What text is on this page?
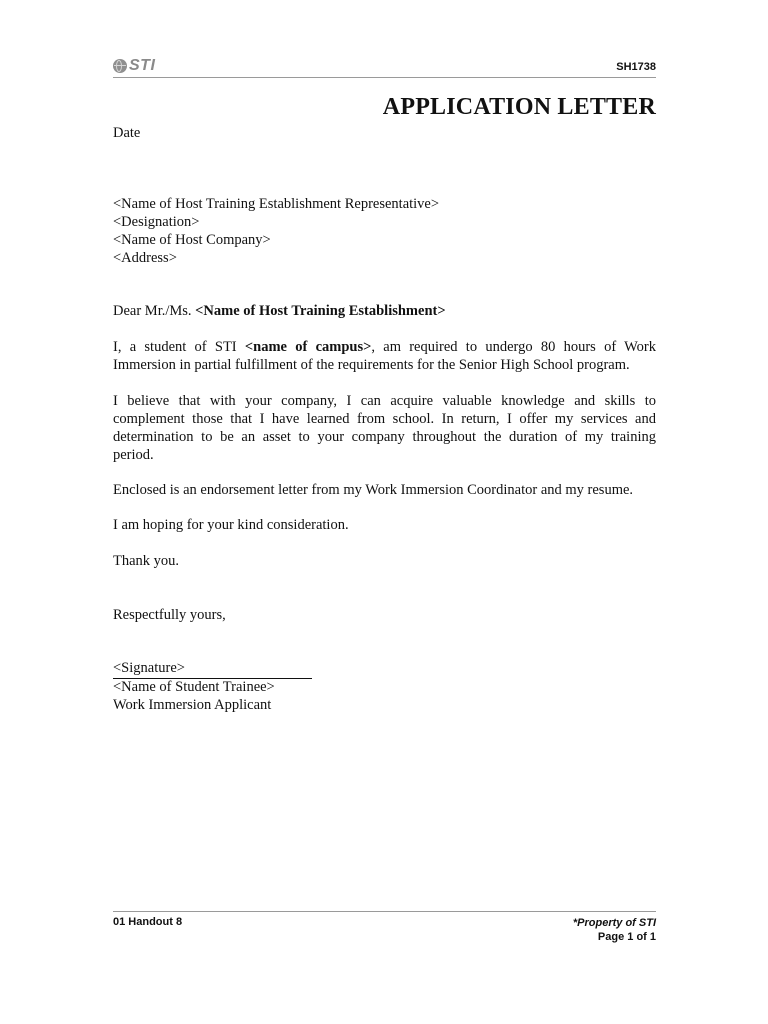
STI	SH1738
APPLICATION LETTER
Date
<Name of Host Training Establishment Representative>
<Designation>
<Name of Host Company>
<Address>
Dear Mr./Ms. <Name of Host Training Establishment>
I, a student of STI <name of campus>, am required to undergo 80 hours of Work
Immersion in partial fulfillment of the requirements for the Senior High School program.
I believe that with your company, I can acquire valuable knowledge and skills to
complement those that I have learned from school. In return, I offer my services and
determination to be an asset to your company throughout the duration of my training
period.
Enclosed is an endorsement letter from my Work Immersion Coordinator and my resume.
I am hoping for your kind consideration.
Thank you.
Respectfully yours,
<Signature>
<Name of Student Trainee>
Work Immersion Applicant
01 Handout 8	*Property of STI
Page 1 of 1
